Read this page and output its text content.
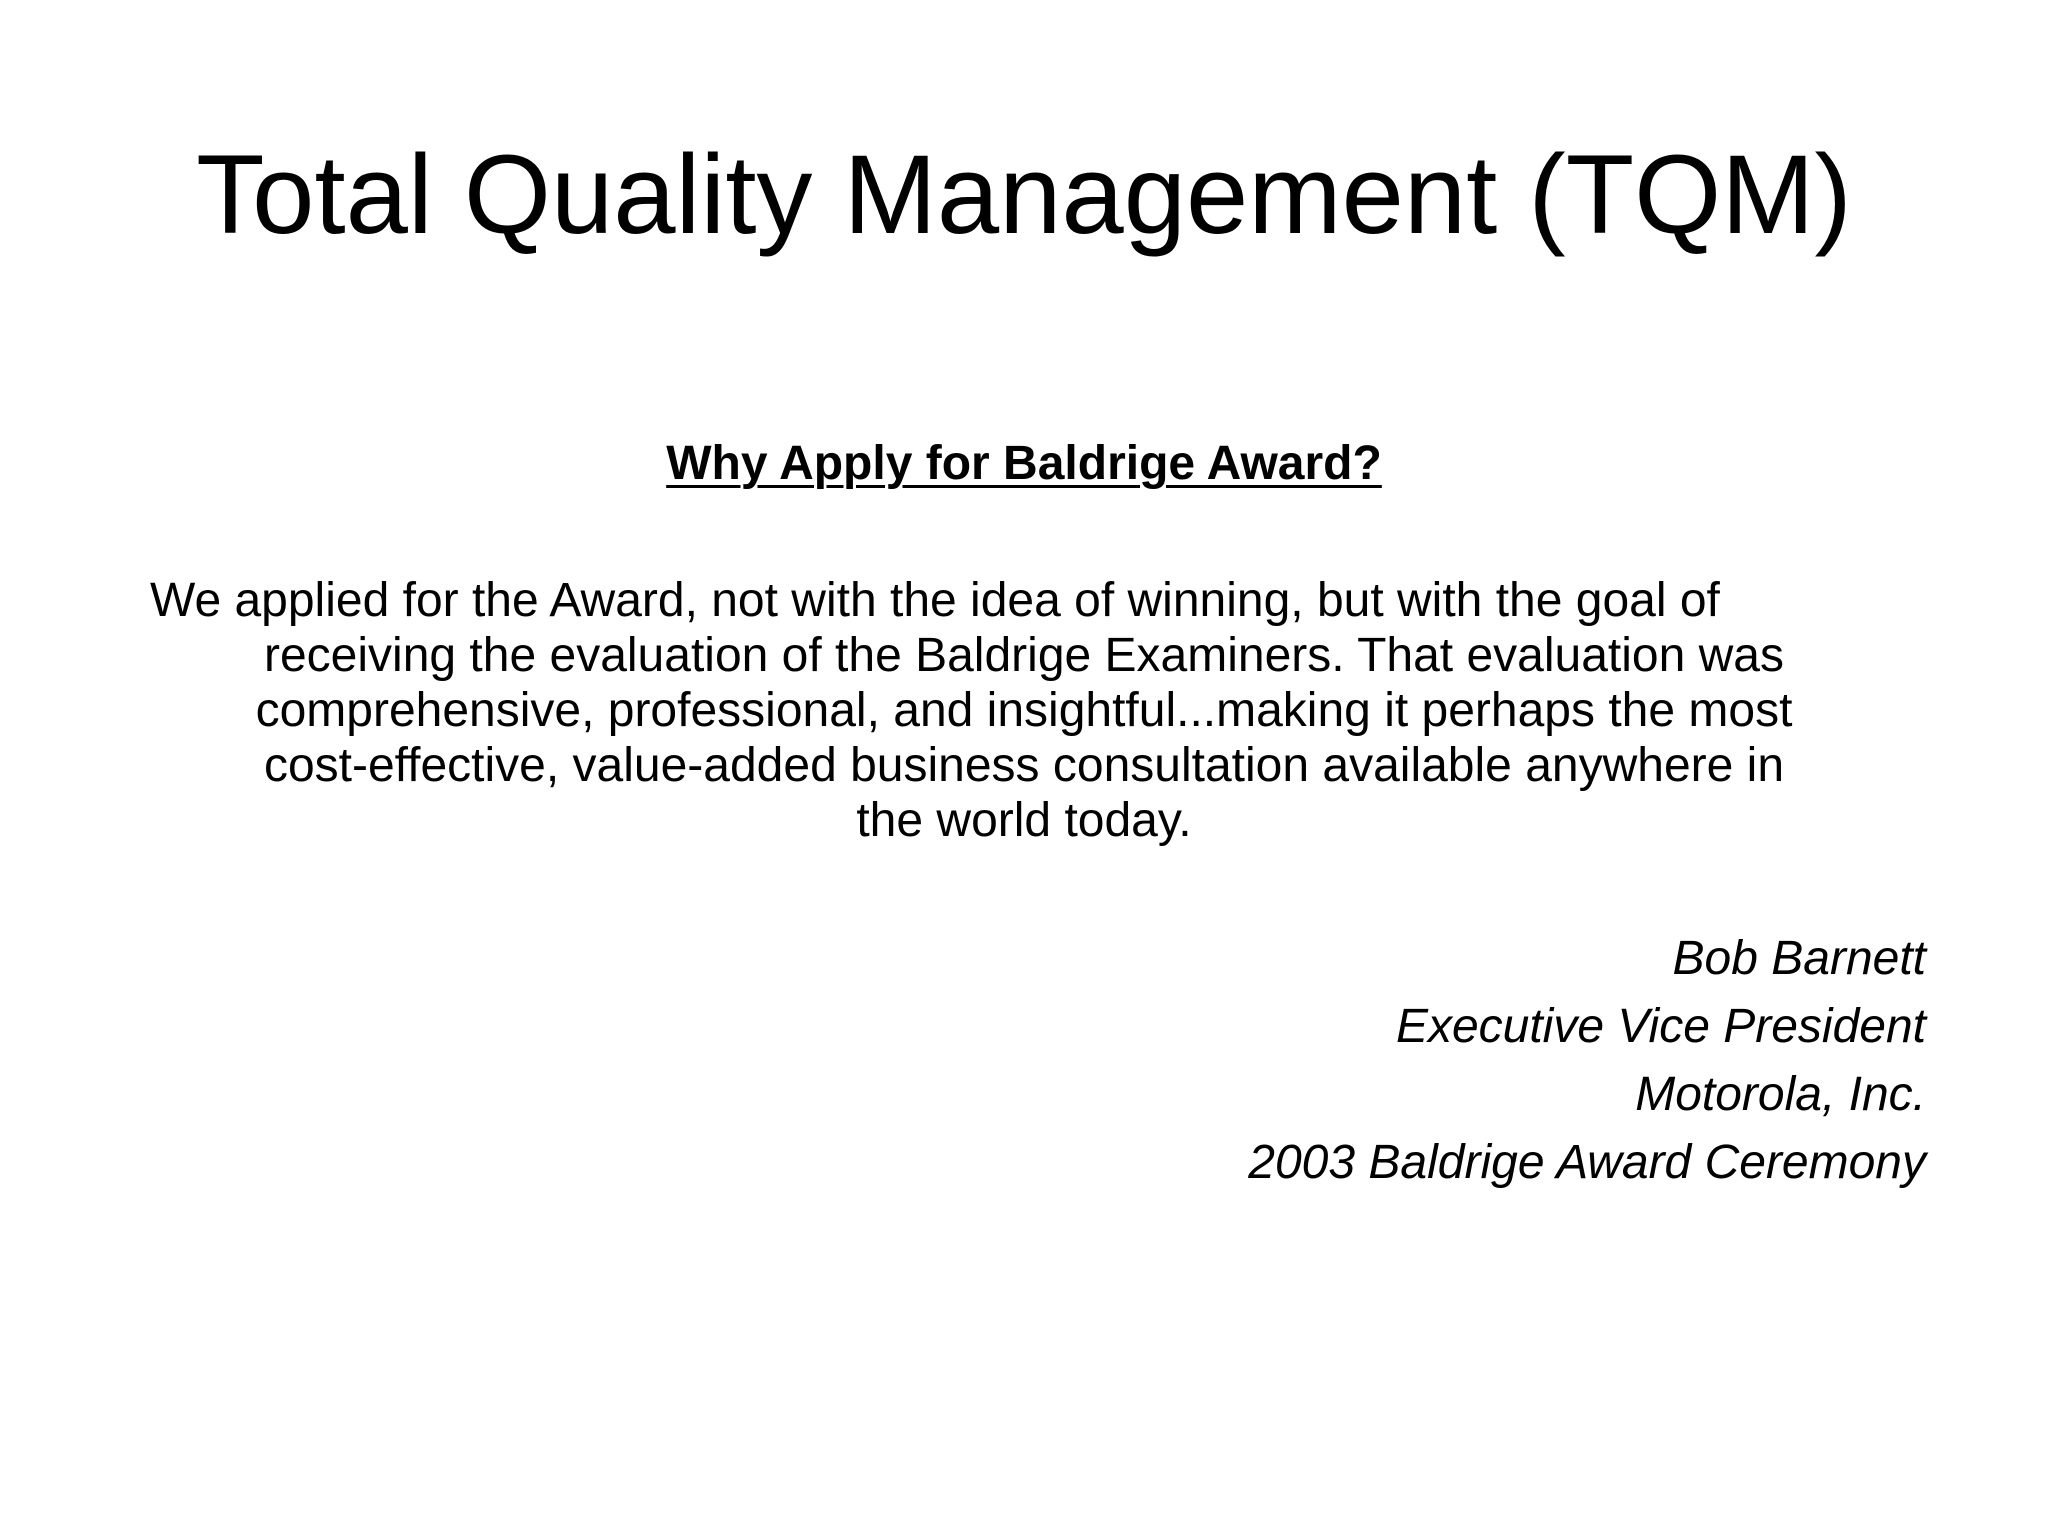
Total Quality Management (TQM)
Why Apply for Baldrige Award?
We applied for the Award, not with the idea of winning, but with the goal of
receiving the evaluation of the Baldrige Examiners. That evaluation was
comprehensive, professional, and insightful...making it perhaps the most
cost-effective, value-added business consultation available anywhere in
the world today.
Bob Barnett
Executive Vice President
Motorola, Inc.
2003 Baldrige Award Ceremony
